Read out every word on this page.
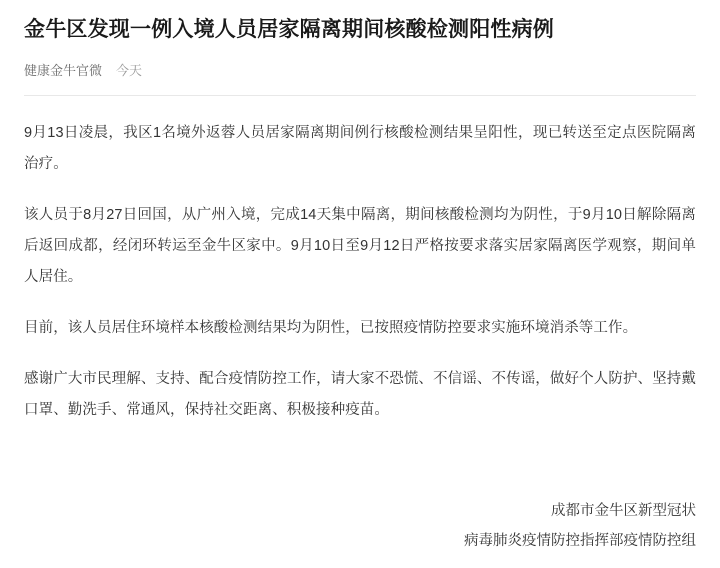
金牛区发现一例入境人员居家隔离期间核酸检测阳性病例
健康金牛官微 今天

9月13日凌晨，我区1名境外返蓉人员居家隔离期间例行核酸检测结果呈阳性，现已转送至定点医院隔离治疗。

该人员于8月27日回国，从广州入境，完成14天集中隔离，期间核酸检测均为阴性，于9月10日解除隔离后返回成都，经闭环转运至金牛区家中。9月10日至9月12日严格按要求落实居家隔离医学观察，期间单人居住。

目前，该人员居住环境样本核酸检测结果均为阴性，已按照疫情防控要求实施环境消杀等工作。

感谢广大市民理解、支持、配合疫情防控工作，请大家不恐慌、不信谣、不传谣，做好个人防护、坚持戴口罩、勤洗手、常通风，保持社交距离、积极接种疫苗。

成都市金牛区新型冠状
病毒肺炎疫情防控指挥部疫情防控组
